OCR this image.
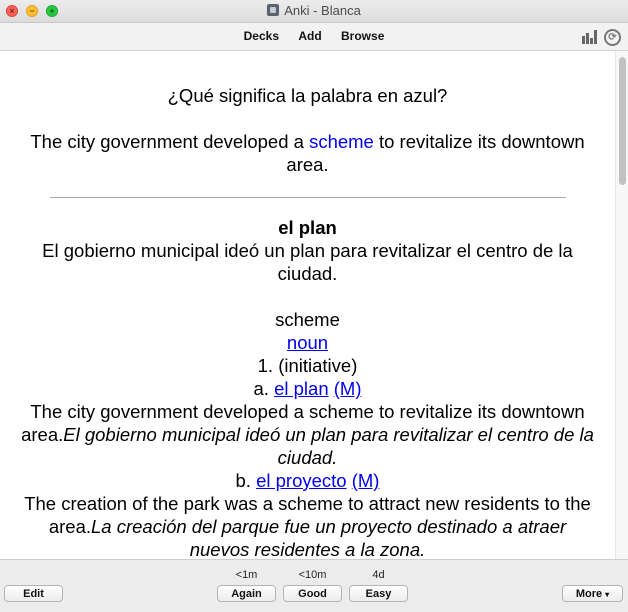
× − +	Anki - Blanca
Decks Add Browse	⟳
¿Qué significa la palabra en azul?
The city government developed a scheme to revitalize its downtown area.
el plan
El gobierno municipal ideó un plan para revitalizar el centro de la ciudad.
scheme
noun
1. (initiative)
a. el plan (M)
The city government developed a scheme to revitalize its downtown area.El gobierno municipal ideó un plan para revitalizar el centro de la ciudad.
b. el proyecto (M)
The creation of the park was a scheme to attract new residents to the area.La creación del parque fue un proyecto destinado a atraer nuevos residentes a la zona.
Edit
<1m	<10m	4d
Again	Good	Easy	More ▾
